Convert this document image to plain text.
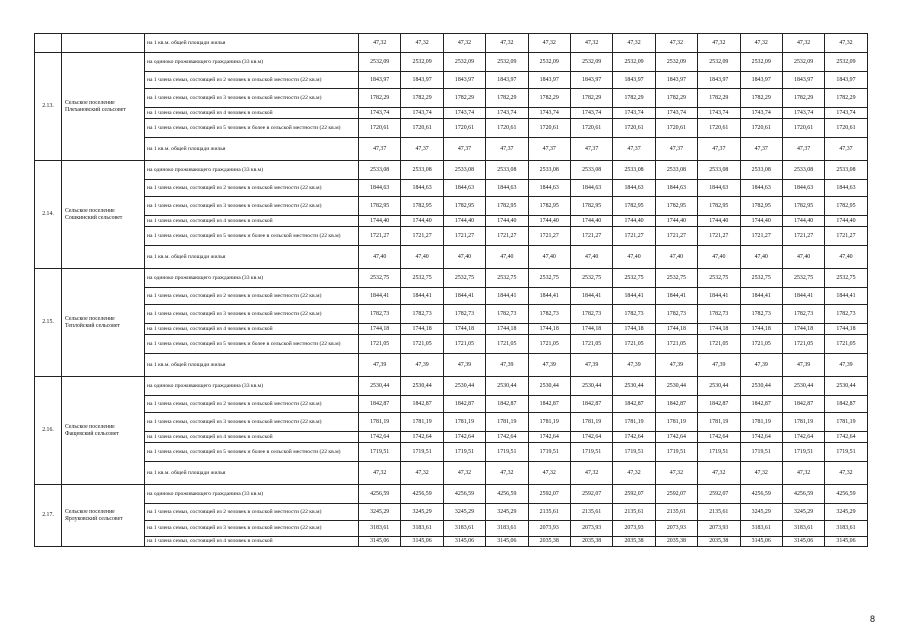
		на 1 кв.м. общей площади жилья	47,32	47,32	47,32	47,32	47,32	47,32	47,32	47,32	47,32	47,32	47,32	47,32
2.13.	Сельское поселение Плехановский сельсовет	на одиноко проживающего гражданина (33 кв.м)	2532,09	2532,09	2532,09	2532,09	2532,09	2532,09	2532,09	2532,09	2532,09	2532,09	2532,09	2532,09
		на 1 члена семьи, состоящей из 2 человек в сельской местности (22 кв.м)	1843,97	1843,97	1843,97	1843,97	1843,97	1843,97	1843,97	1843,97	1843,97	1843,97	1843,97	1843,97
		на 1 члена семьи, состоящей из 3 человек в сельской местности (22 кв.м)	1782,29	1782,29	1782,29	1782,29	1782,29	1782,29	1782,29	1782,29	1782,29	1782,29	1782,29	1782,29
		на 1 члена семьи, состоящей из 4 человек в сельской	1743,74	1743,74	1743,74	1743,74	1743,74	1743,74	1743,74	1743,74	1743,74	1743,74	1743,74	1743,74
		на 1 члена семьи, состоящей из 5 человек и более в сельской местности (22 кв.м)	1720,61	1720,61	1720,61	1720,61	1720,61	1720,61	1720,61	1720,61	1720,61	1720,61	1720,61	1720,61
		на 1 кв.м. общей площади жилья	47,37	47,37	47,37	47,37	47,37	47,37	47,37	47,37	47,37	47,37	47,37	47,37
2.14.	Сельское поселение Сошкинский сельсовет	на одиноко проживающего гражданина (33 кв.м)	2533,08	2533,08	2533,08	2533,08	2533,08	2533,08	2533,08	2533,08	2533,08	2533,08	2533,08	2533,08
		на 1 члена семьи, состоящей из 2 человек в сельской местности (22 кв.м)	1844,63	1844,63	1844,63	1844,63	1844,63	1844,63	1844,63	1844,63	1844,63	1844,63	1844,63	1844,63
		на 1 члена семьи, состоящей из 3 человек в сельской местности (22 кв.м)	1782,95	1782,95	1782,95	1782,95	1782,95	1782,95	1782,95	1782,95	1782,95	1782,95	1782,95	1782,95
		на 1 члена семьи, состоящей из 4 человек в сельской	1744,40	1744,40	1744,40	1744,40	1744,40	1744,40	1744,40	1744,40	1744,40	1744,40	1744,40	1744,40
		на 1 члена семьи, состоящей из 5 человек и более в сельской местности (22 кв.м)	1721,27	1721,27	1721,27	1721,27	1721,27	1721,27	1721,27	1721,27	1721,27	1721,27	1721,27	1721,27
		на 1 кв.м. общей площади жилья	47,40	47,40	47,40	47,40	47,40	47,40	47,40	47,40	47,40	47,40	47,40	47,40
2.15.	Сельское поселение Теплойский сельсовет	на одиноко проживающего гражданина (33 кв.м)	2532,75	2532,75	2532,75	2532,75	2532,75	2532,75	2532,75	2532,75	2532,75	2532,75	2532,75	2532,75
		на 1 члена семьи, состоящей из 2 человек в сельской местности (22 кв.м)	1844,41	1844,41	1844,41	1844,41	1844,41	1844,41	1844,41	1844,41	1844,41	1844,41	1844,41	1844,41
		на 1 члена семьи, состоящей из 3 человек в сельской местности (22 кв.м)	1782,73	1782,73	1782,73	1782,73	1782,73	1782,73	1782,73	1782,73	1782,73	1782,73	1782,73	1782,73
		на 1 члена семьи, состоящей из 4 человек в сельской	1744,18	1744,18	1744,18	1744,18	1744,18	1744,18	1744,18	1744,18	1744,18	1744,18	1744,18	1744,18
		на 1 члена семьи, состоящей из 5 человек и более в сельской местности (22 кв.м)	1721,05	1721,05	1721,05	1721,05	1721,05	1721,05	1721,05	1721,05	1721,05	1721,05	1721,05	1721,05
		на 1 кв.м. общей площади жилья	47,39	47,39	47,39	47,39	47,39	47,39	47,39	47,39	47,39	47,39	47,39	47,39
2.16.	Сельское поселение Фащевский сельсовет	на одиноко проживающего гражданина (33 кв.м)	2530,44	2530,44	2530,44	2530,44	2530,44	2530,44	2530,44	2530,44	2530,44	2530,44	2530,44	2530,44
		на 1 члена семьи, состоящей из 2 человек в сельской местности (22 кв.м)	1842,87	1842,87	1842,87	1842,87	1842,87	1842,87	1842,87	1842,87	1842,87	1842,87	1842,87	1842,87
		на 1 члена семьи, состоящей из 3 человек в сельской местности (22 кв.м)	1781,19	1781,19	1781,19	1781,19	1781,19	1781,19	1781,19	1781,19	1781,19	1781,19	1781,19	1781,19
		на 1 члена семьи, состоящей из 4 человек в сельской	1742,64	1742,64	1742,64	1742,64	1742,64	1742,64	1742,64	1742,64	1742,64	1742,64	1742,64	1742,64
		на 1 члена семьи, состоящей из 5 человек и более в сельской местности (22 кв.м)	1719,51	1719,51	1719,51	1719,51	1719,51	1719,51	1719,51	1719,51	1719,51	1719,51	1719,51	1719,51
		на 1 кв.м. общей площади жилья	47,32	47,32	47,32	47,32	47,32	47,32	47,32	47,32	47,32	47,32	47,32	47,32
2.17.	Сельское поселение Ярлуковский сельсовет	на одиноко проживающего гражданина (33 кв.м)	4256,59	4256,59	4256,59	4256,59	2592,07	2592,07	2592,07	2592,07	2592,07	4256,59	4256,59	4256,59
		на 1 члена семьи, состоящей из 2 человек в сельской местности (22 кв.м)	3245,29	3245,29	3245,29	3245,29	2135,61	2135,61	2135,61	2135,61	2135,61	3245,29	3245,29	3245,29
		на 1 члена семьи, состоящей из 3 человек в сельской местности (22 кв.м)	3183,61	3183,61	3183,61	3183,61	2073,93	2073,93	2073,93	2073,93	2073,93	3183,61	3183,61	3183,61
		на 1 члена семьи, состоящей из 4 человек в сельской	3145,06	3145,06	3145,06	3145,06	2035,38	2035,38	2035,38	2035,38	2035,38	3145,06	3145,06	3145,06
8
